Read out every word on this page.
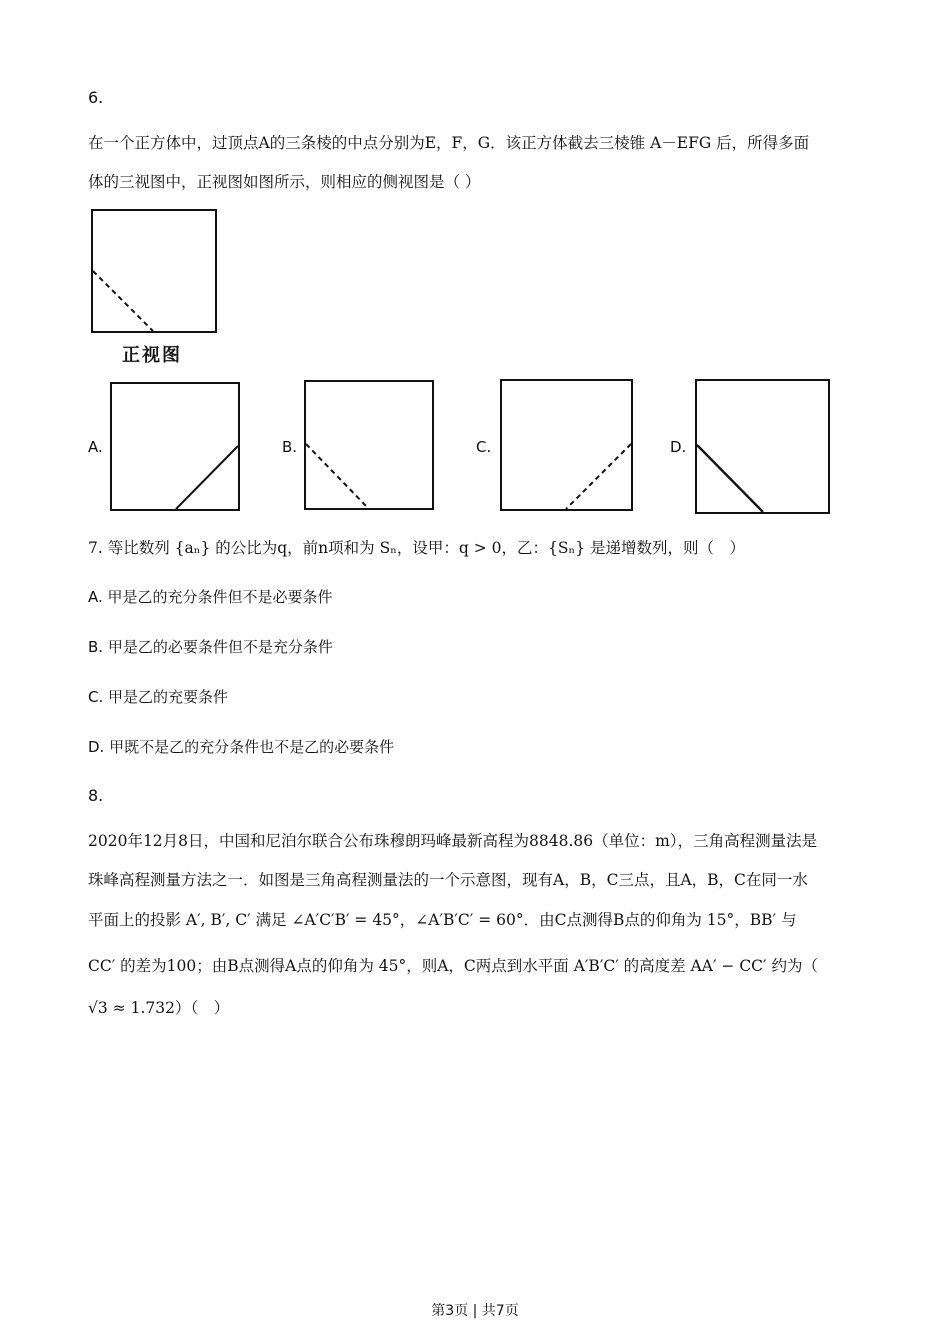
6.
在一个正方体中，过顶点A的三条棱的中点分别为E，F，G．该正方体截去三棱锥 A－EFG 后，所得多面
体的三视图中，正视图如图所示，则相应的侧视图是（ ）
正视图
A.	B.	C.	D.
7. 等比数列 {aₙ} 的公比为q，前n项和为 Sₙ，设甲：q > 0，乙：{Sₙ} 是递增数列，则（　）
A. 甲是乙的充分条件但不是必要条件
B. 甲是乙的必要条件但不是充分条件
C. 甲是乙的充要条件
D. 甲既不是乙的充分条件也不是乙的必要条件
8.
2020年12月8日，中国和尼泊尔联合公布珠穆朗玛峰最新高程为8848.86（单位：m），三角高程测量法是
珠峰高程测量方法之一．如图是三角高程测量法的一个示意图，现有A，B，C三点，且A，B，C在同一水
平面上的投影 A′, B′, C′ 满足 ∠A′C′B′ = 45°，∠A′B′C′ = 60°．由C点测得B点的仰角为 15°，BB′ 与
CC′ 的差为100；由B点测得A点的仰角为 45°，则A，C两点到水平面 A′B′C′ 的高度差 AA′ − CC′ 约为（
√3 ≈ 1.732）（　）
第3页 | 共7页
